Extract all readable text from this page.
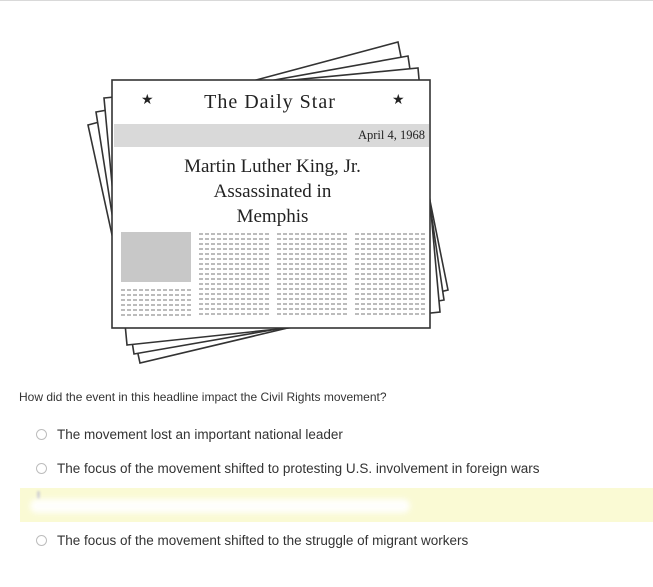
★	The Daily Star	★
April 4, 1968
Martin Luther King, Jr.
Assassinated in
Memphis
How did the event in this headline impact the Civil Rights movement?
The movement lost an important national leader
The focus of the movement shifted to protesting U.S. involvement in foreign wars
The focus of the movement shifted to the struggle of migrant workers
